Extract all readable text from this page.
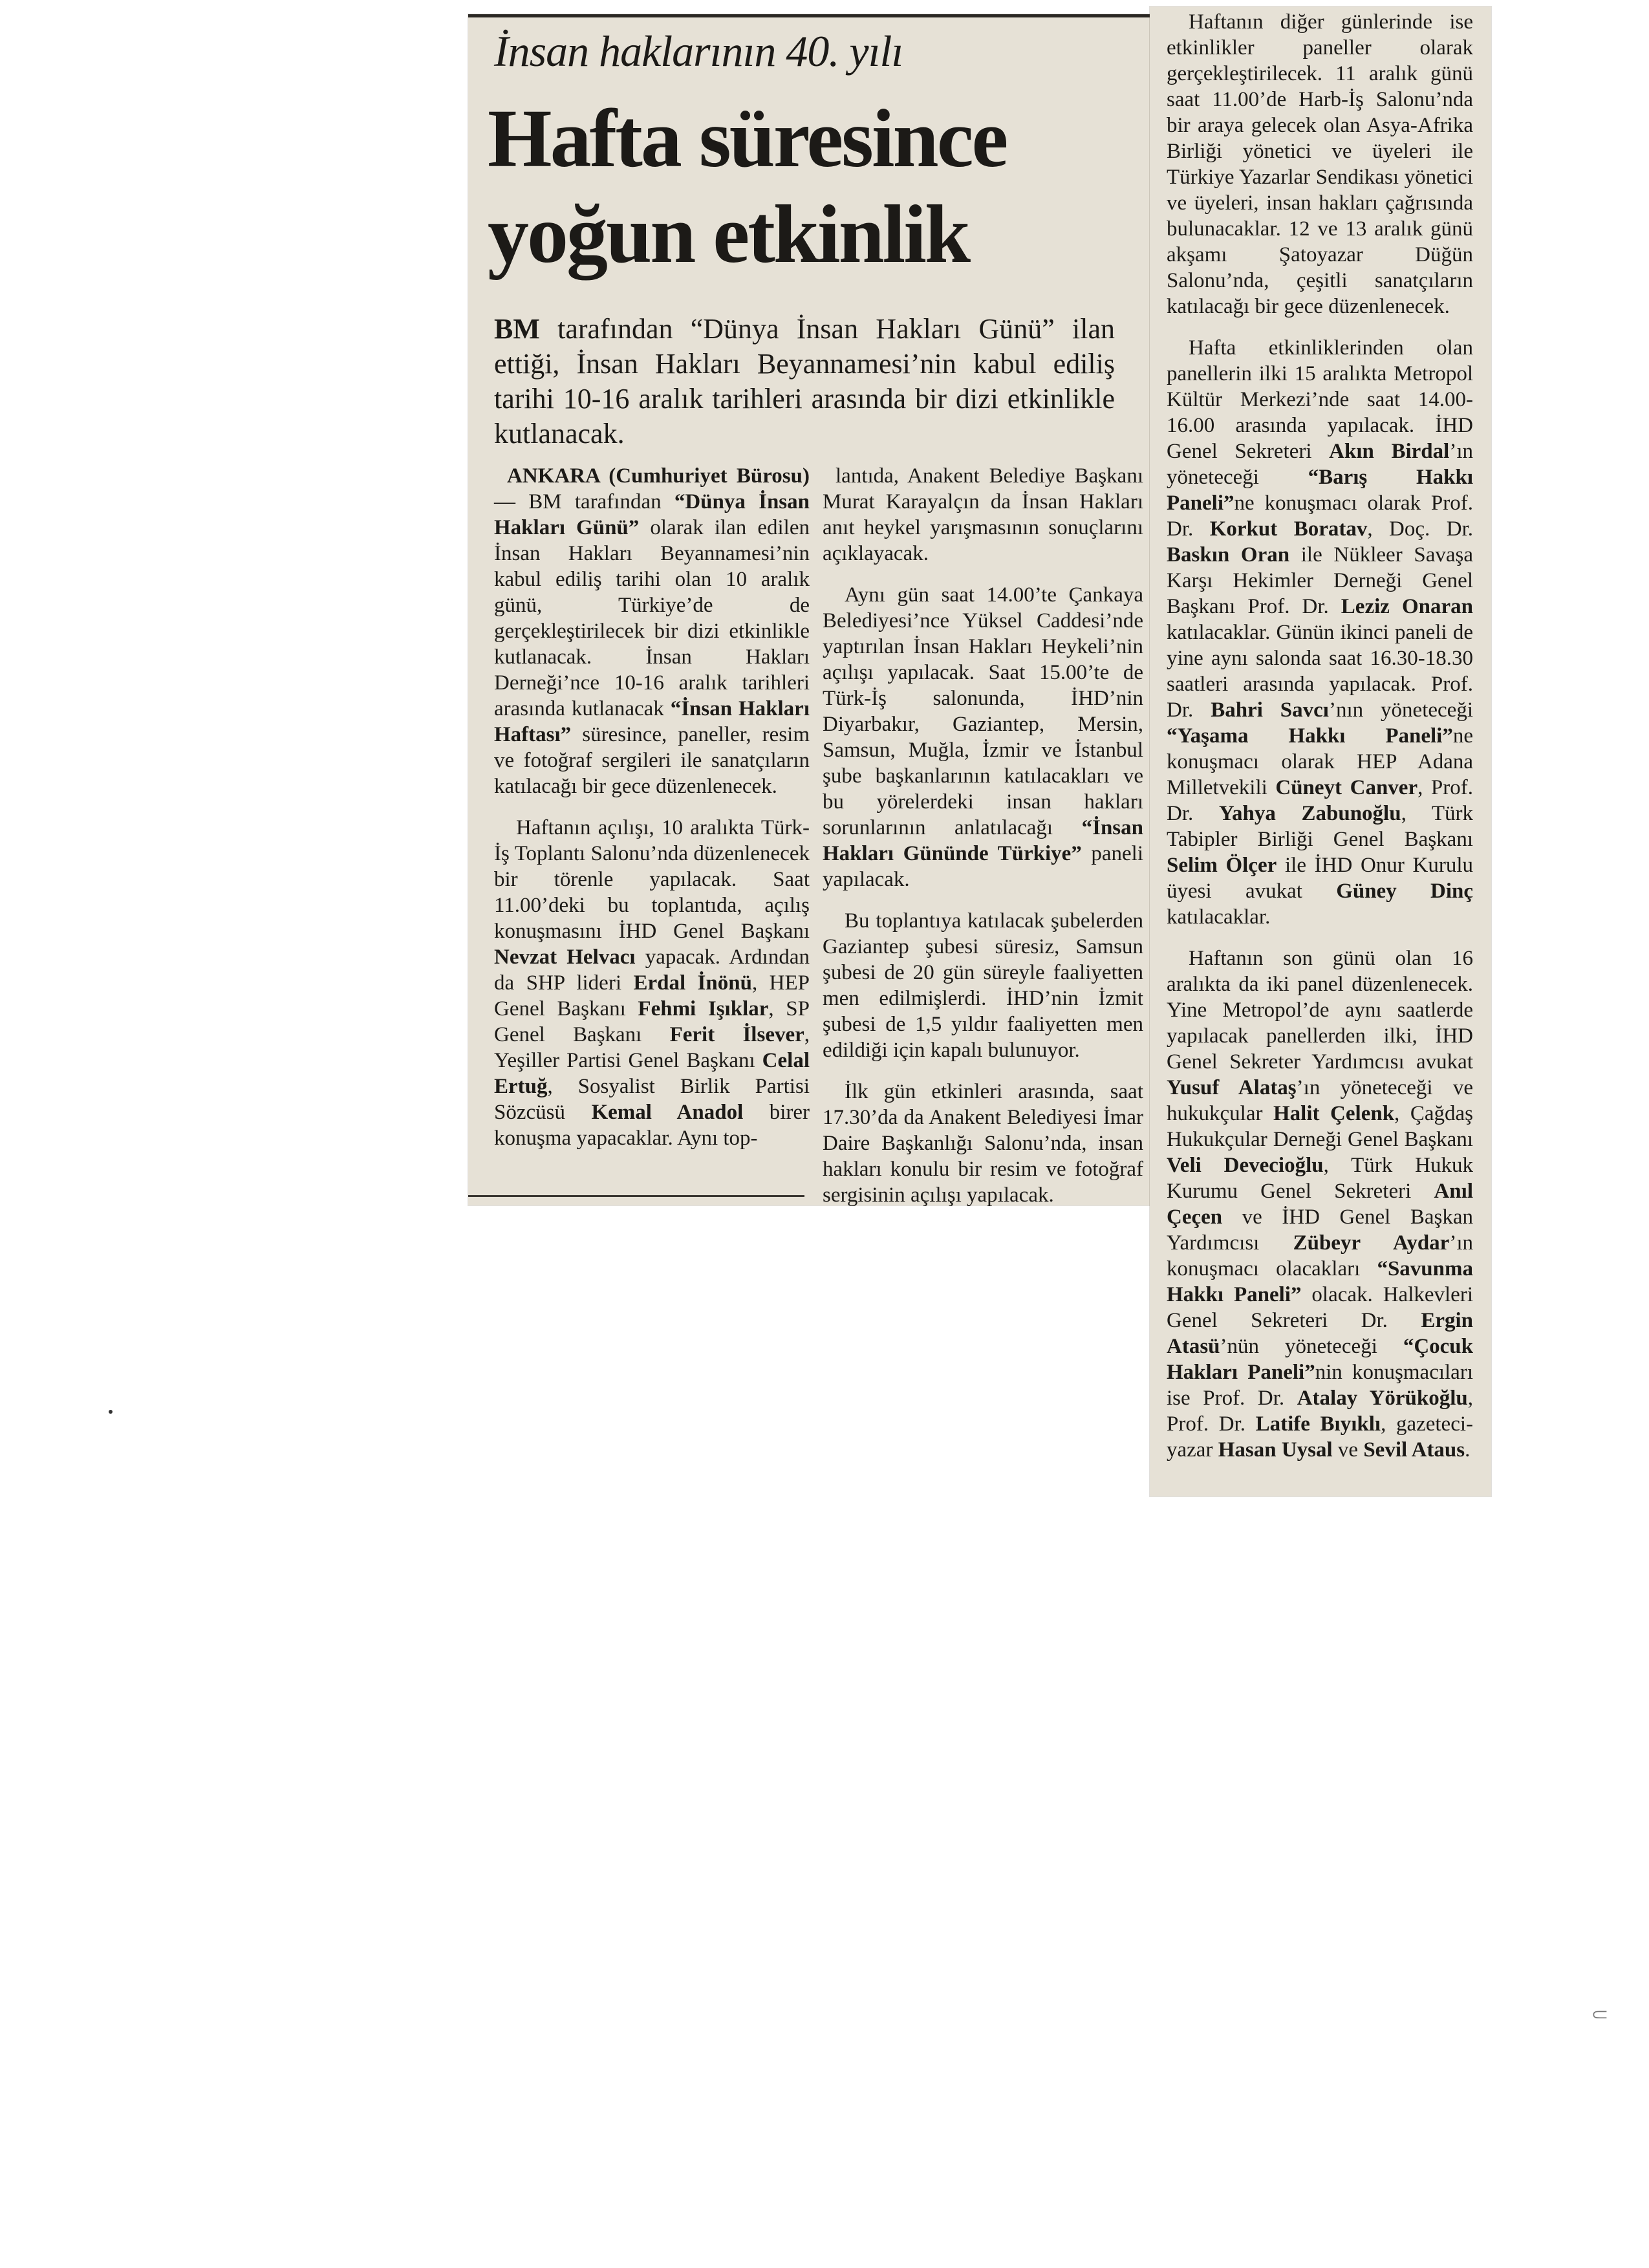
İnsan haklarının 40. yılı
Hafta süresince yoğun etkinlik
BM tarafından “Dünya İnsan Hakları Günü” ilan ettiği, İnsan Hakları Beyannamesi’nin kabul ediliş tarihi 10-16 aralık tarihleri arasında bir dizi etkinlikle kutlanacak.

ANKARA (Cumhuriyet Bürosu) — BM tarafından “Dünya İnsan Hakları Günü” olarak ilan edilen İnsan Hakları Beyannamesi’nin kabul ediliş tarihi olan 10 aralık günü, Türkiye’de de gerçekleştirilecek bir dizi etkinlikle kutlanacak. İnsan Hakları Derneği’nce 10-16 aralık tarihleri arasında kutlanacak “İnsan Hakları Haftası” süresince, paneller, resim ve fotoğraf sergileri ile sanatçıların katılacağı bir gece düzenlenecek.

Haftanın açılışı, 10 aralıkta Türk-İş Toplantı Salonu’nda düzenlenecek bir törenle yapılacak. Saat 11.00’deki bu toplantıda, açılış konuşmasını İHD Genel Başkanı Nevzat Helvacı yapacak. Ardından da SHP lideri Erdal İnönü, HEP Genel Başkanı Fehmi Işıklar, SP Genel Başkanı Ferit İlsever, Yeşiller Partisi Genel Başkanı Celal Ertuğ, Sosyalist Birlik Partisi Sözcüsü Kemal Anadol birer konuşma yapacaklar. Aynı top-

lantıda, Anakent Belediye Başkanı Murat Karayalçın da İnsan Hakları anıt heykel yarışmasının sonuçlarını açıklayacak.

Aynı gün saat 14.00’te Çankaya Belediyesi’nce Yüksel Caddesi’nde yaptırılan İnsan Hakları Heykeli’nin açılışı yapılacak. Saat 15.00’te de Türk-İş salonunda, İHD’nin Diyarbakır, Gaziantep, Mersin, Samsun, Muğla, İzmir ve İstanbul şube başkanlarının katılacakları ve bu yörelerdeki insan hakları sorunlarının anlatılacağı “İnsan Hakları Gününde Türkiye” paneli yapılacak.

Bu toplantıya katılacak şubelerden Gaziantep şubesi süresiz, Samsun şubesi de 20 gün süreyle faaliyetten men edilmişlerdi. İHD’nin İzmit şubesi de 1,5 yıldır faaliyetten men edildiği için kapalı bulunuyor.

İlk gün etkinleri arasında, saat 17.30’da da Anakent Belediyesi İmar Daire Başkanlığı Salonu’nda, insan hakları konulu bir resim ve fotoğraf sergisinin açılışı yapılacak.

Haftanın diğer günlerinde ise etkinlikler paneller olarak gerçekleştirilecek. 11 aralık günü saat 11.00’de Harb-İş Salonu’nda bir araya gelecek olan Asya-Afrika Birliği yönetici ve üyeleri ile Türkiye Yazarlar Sendikası yönetici ve üyeleri, insan hakları çağrısında bulunacaklar. 12 ve 13 aralık günü akşamı Şatoyazar Düğün Salonu’nda, çeşitli sanatçıların katılacağı bir gece düzenlenecek.

Hafta etkinliklerinden olan panellerin ilki 15 aralıkta Metropol Kültür Merkezi’nde saat 14.00-16.00 arasında yapılacak. İHD Genel Sekreteri Akın Birdal’ın yöneteceği “Barış Hakkı Paneli”ne konuşmacı olarak Prof. Dr. Korkut Boratav, Doç. Dr. Baskın Oran ile Nükleer Savaşa Karşı Hekimler Derneği Genel Başkanı Prof. Dr. Leziz Onaran katılacaklar. Günün ikinci paneli de yine aynı salonda saat 16.30-18.30 saatleri arasında yapılacak. Prof. Dr. Bahri Savcı’nın yöneteceği “Yaşama Hakkı Paneli”ne konuşmacı olarak HEP Adana Milletvekili Cüneyt Canver, Prof. Dr. Yahya Zabunoğlu, Türk Tabipler Birliği Genel Başkanı Selim Ölçer ile İHD Onur Kurulu üyesi avukat Güney Dinç katılacaklar.

Haftanın son günü olan 16 aralıkta da iki panel düzenlenecek. Yine Metropol’de aynı saatlerde yapılacak panellerden ilki, İHD Genel Sekreter Yardımcısı avukat Yusuf Alataş’ın yöneteceği ve hukukçular Halit Çelenk, Çağdaş Hukukçular Derneği Genel Başkanı Veli Devecioğlu, Türk Hukuk Kurumu Genel Sekreteri Anıl Çeçen ve İHD Genel Başkan Yardımcısı Zübeyr Aydar’ın konuşmacı olacakları “Savunma Hakkı Paneli” olacak. Halkevleri Genel Sekreteri Dr. Ergin Atasü’nün yöneteceği “Çocuk Hakları Paneli”nin konuşmacıları ise Prof. Dr. Atalay Yörükoğlu, Prof. Dr. Latife Bıyıklı, gazeteci-yazar Hasan Uysal ve Sevil Ataus.

⸦
